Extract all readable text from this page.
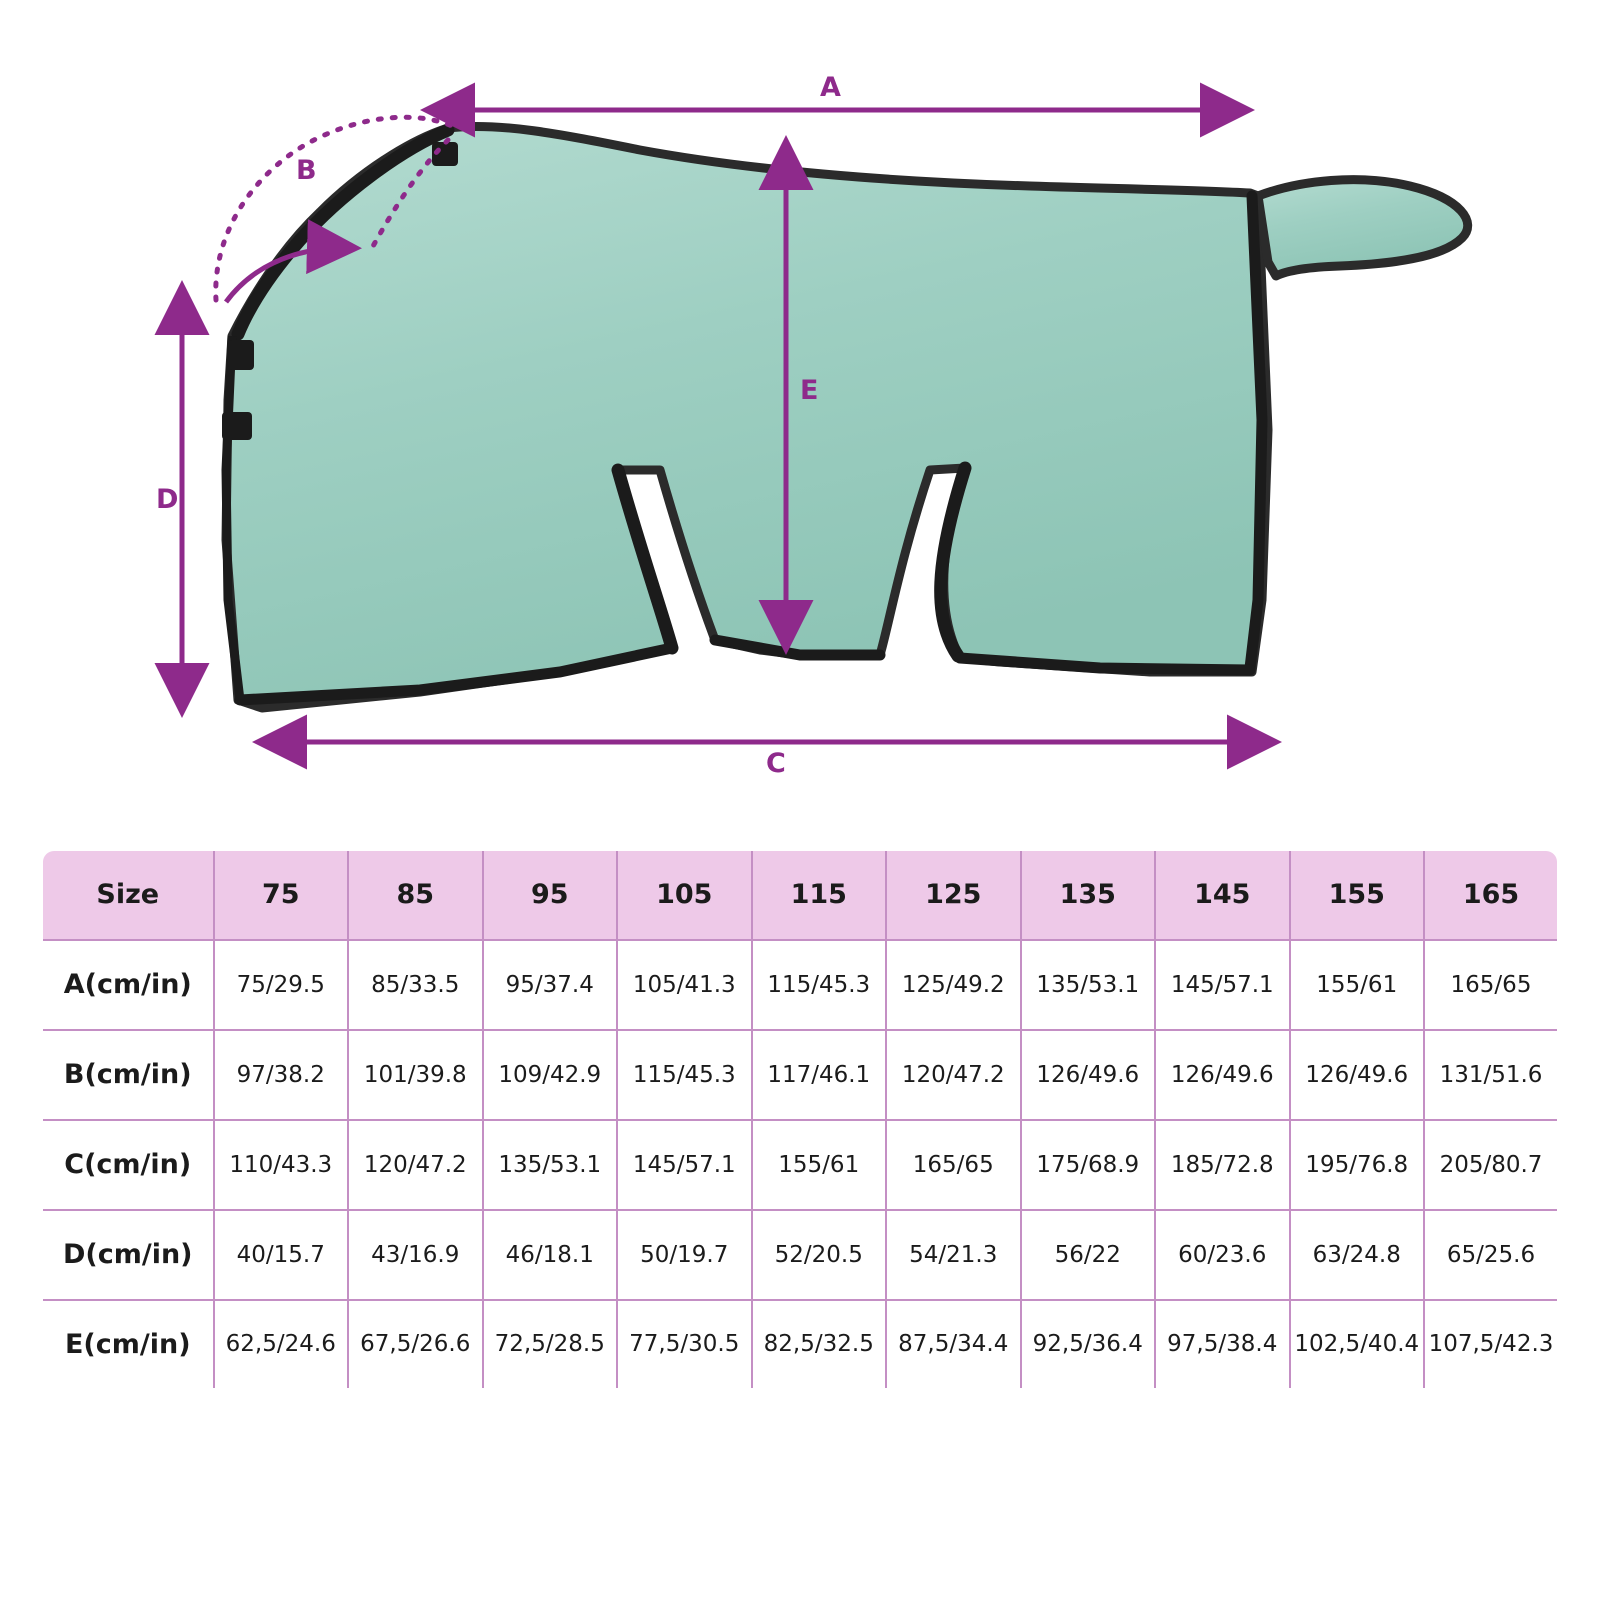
A
B
C
D
E
Size	75	85	95	105	115	125	135	145	155	165
A(cm/in)	75/29.5	85/33.5	95/37.4	105/41.3	115/45.3	125/49.2	135/53.1	145/57.1	155/61	165/65
B(cm/in)	97/38.2	101/39.8	109/42.9	115/45.3	117/46.1	120/47.2	126/49.6	126/49.6	126/49.6	131/51.6
C(cm/in)	110/43.3	120/47.2	135/53.1	145/57.1	155/61	165/65	175/68.9	185/72.8	195/76.8	205/80.7
D(cm/in)	40/15.7	43/16.9	46/18.1	50/19.7	52/20.5	54/21.3	56/22	60/23.6	63/24.8	65/25.6
E(cm/in)	62,5/24.6	67,5/26.6	72,5/28.5	77,5/30.5	82,5/32.5	87,5/34.4	92,5/36.4	97,5/38.4	102,5/40.4	107,5/42.3
